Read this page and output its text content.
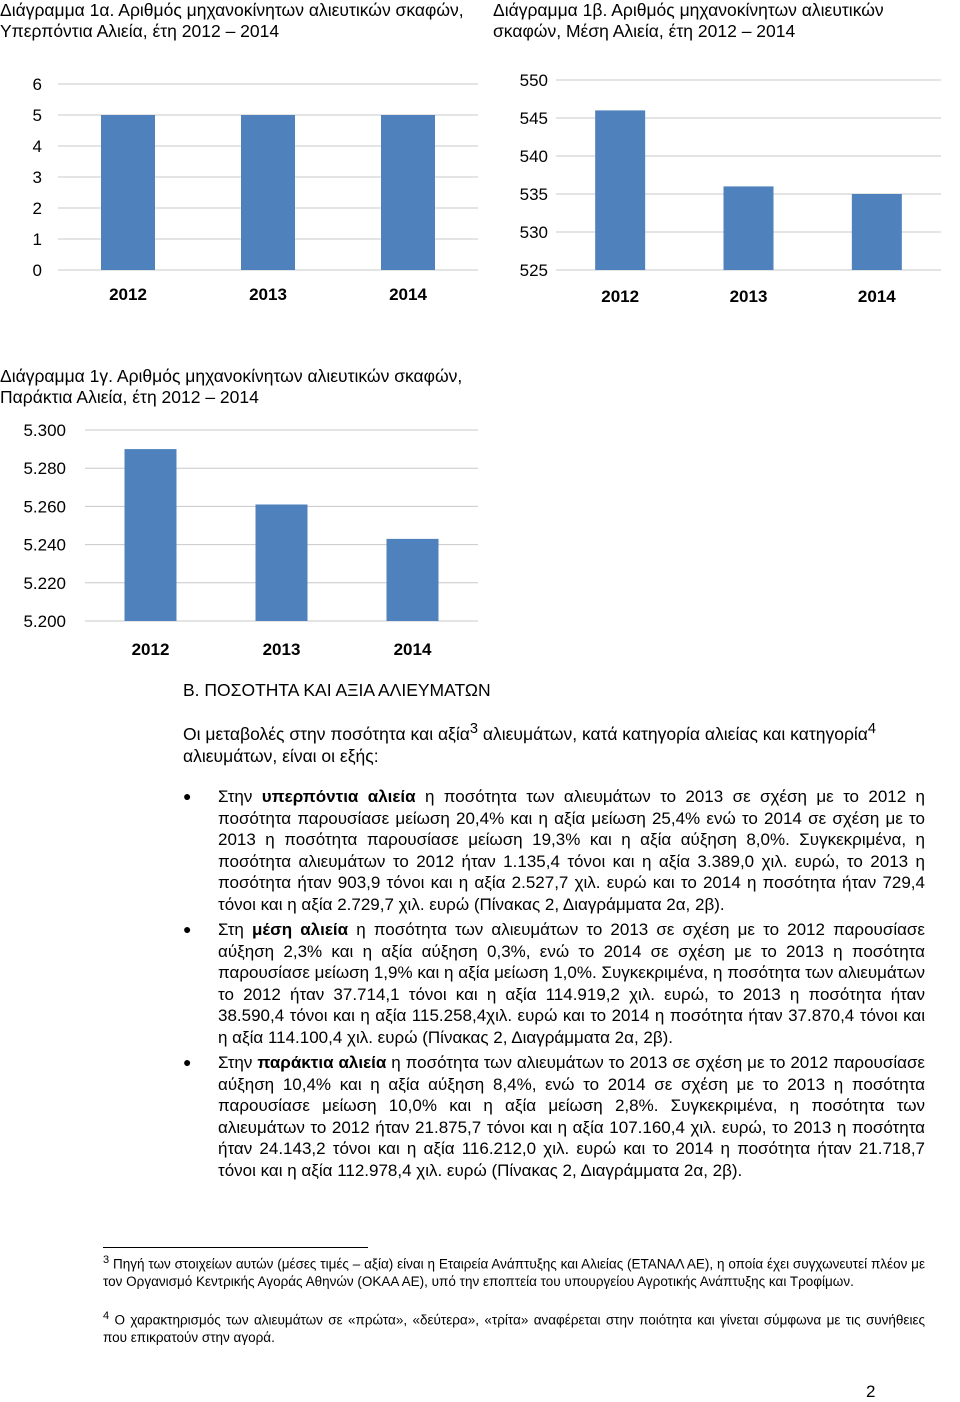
Διάγραμμα 1α. Αριθμός μηχανοκίνητων αλιευτικών σκαφών, Υπερπόντια Αλιεία, έτη 2012 – 2014

Διάγραμμα 1β. Αριθμός μηχανοκίνητων αλιευτικών σκαφών, Μέση Αλιεία, έτη 2012 – 2014

Διάγραμμα 1γ. Αριθμός μηχανοκίνητων αλιευτικών σκαφών, Παράκτια Αλιεία, έτη 2012 – 2014

0
1
2
3
4
5
6
2012	2013	2014
525
530
535
540
545
550
2012	2013	2014
5.200
5.220
5.240
5.260
5.280
5.300
2012	2013	2014

Β. ΠΟΣΟΤΗΤΑ ΚΑΙ ΑΞΙΑ ΑΛΙΕΥΜΑΤΩΝ

Οι μεταβολές στην ποσότητα και αξία$^3$ αλιευμάτων, κατά κατηγορία αλιείας και κατηγορία$^4$ αλιευμάτων, είναι οι εξής:

● Στην υπερπόντια αλιεία η ποσότητα των αλιευμάτων το 2013 σε σχέση με το 2012 η ποσότητα παρουσίασε μείωση 20,4% και η αξία μείωση 25,4% ενώ το 2014 σε σχέση με το 2013 η ποσότητα παρουσίασε μείωση 19,3% και η αξία αύξηση 8,0%. Συγκεκριμένα, η ποσότητα αλιευμάτων το 2012 ήταν 1.135,4 τόνοι και η αξία 3.389,0 χιλ. ευρώ, το 2013 η ποσότητα ήταν 903,9 τόνοι και η αξία 2.527,7 χιλ. ευρώ και το 2014 η ποσότητα ήταν 729,4 τόνοι και η αξία 2.729,7 χιλ. ευρώ (Πίνακας 2, Διαγράμματα 2α, 2β).
● Στη μέση αλιεία η ποσότητα των αλιευμάτων το 2013 σε σχέση με το 2012 παρουσίασε αύξηση 2,3% και η αξία αύξηση 0,3%, ενώ το 2014 σε σχέση με το 2013 η ποσότητα παρουσίασε μείωση 1,9% και η αξία μείωση 1,0%. Συγκεκριμένα, η ποσότητα των αλιευμάτων το 2012 ήταν 37.714,1 τόνοι και η αξία 114.919,2 χιλ. ευρώ, το 2013 η ποσότητα ήταν 38.590,4 τόνοι και η αξία 115.258,4χιλ. ευρώ και το 2014 η ποσότητα ήταν 37.870,4 τόνοι και η αξία 114.100,4 χιλ. ευρώ (Πίνακας 2, Διαγράμματα 2α, 2β).
● Στην παράκτια αλιεία η ποσότητα των αλιευμάτων το 2013 σε σχέση με το 2012 παρουσίασε αύξηση 10,4% και η αξία αύξηση 8,4%, ενώ το 2014 σε σχέση με το 2013 η ποσότητα παρουσίασε μείωση 10,0% και η αξία μείωση 2,8%. Συγκεκριμένα, η ποσότητα των αλιευμάτων το 2012 ήταν 21.875,7 τόνοι και η αξία 107.160,4 χιλ. ευρώ, το 2013 η ποσότητα ήταν 24.143,2 τόνοι και η αξία 116.212,0 χιλ. ευρώ και το 2014 η ποσότητα ήταν 21.718,7 τόνοι και η αξία 112.978,4 χιλ. ευρώ (Πίνακας 2, Διαγράμματα 2α, 2β).

$^3$ Πηγή των στοιχείων αυτών (μέσες τιμές – αξία) είναι η Εταιρεία Ανάπτυξης και Αλιείας (ΕΤΑΝΑΛ ΑΕ), η οποία έχει συγχωνευτεί πλέον με τον Οργανισμό Κεντρικής Αγοράς Αθηνών (ΟΚΑΑ ΑΕ), υπό την εποπτεία του υπουργείου Αγροτικής Ανάπτυξης και Τροφίμων.

$^4$ Ο χαρακτηρισμός των αλιευμάτων σε «πρώτα», «δεύτερα», «τρίτα» αναφέρεται στην ποιότητα και γίνεται σύμφωνα με τις συνήθειες που επικρατούν στην αγορά.

2
